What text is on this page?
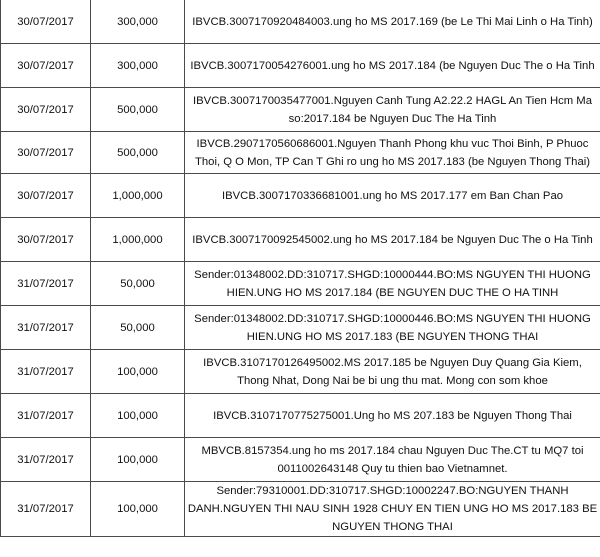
30/07/2017	300,000	IBVCB.3007170920484003.ung ho MS 2017.169 (be Le Thi Mai Linh o Ha Tinh)
30/07/2017	300,000	IBVCB.3007170054276001.ung ho MS 2017.184 (be Nguyen Duc The o Ha Tinh
30/07/2017	500,000	IBVCB.3007170035477001.Nguyen Canh Tung A2.22.2 HAGL An Tien Hcm Ma so:2017.184 be Nguyen Duc The Ha Tinh
30/07/2017	500,000	IBVCB.2907170560686001.Nguyen Thanh Phong khu vuc Thoi Binh, P Phuoc Thoi, Q O Mon, TP Can T Ghi ro ung ho MS 2017.183 (be Nguyen Thong Thai)
30/07/2017	1,000,000	IBVCB.3007170336681001.ung ho MS 2017.177 em Ban Chan Pao
30/07/2017	1,000,000	IBVCB.3007170092545002.ung ho MS 2017.184 be Nguyen Duc The o Ha Tinh
31/07/2017	50,000	Sender:01348002.DD:310717.SHGD:10000444.BO:MS NGUYEN THI HUONG HIEN.UNG HO MS 2017.184 (BE NGUYEN DUC THE O HA TINH
31/07/2017	50,000	Sender:01348002.DD:310717.SHGD:10000446.BO:MS NGUYEN THI HUONG HIEN.UNG HO MS 2017.183 (BE NGUYEN THONG THAI
31/07/2017	100,000	IBVCB.3107170126495002.MS 2017.185 be Nguyen Duy Quang Gia Kiem, Thong Nhat, Dong Nai be bi ung thu mat. Mong con som khoe
31/07/2017	100,000	IBVCB.3107170775275001.Ung ho MS 207.183 be Nguyen Thong Thai
31/07/2017	100,000	MBVCB.8157354.ung ho ms 2017.184 chau Nguyen Duc The.CT tu MQ7 toi 0011002643148 Quy tu thien bao Vietnamnet.
31/07/2017	100,000	Sender:79310001.DD:310717.SHGD:10002247.BO:NGUYEN THANH DANH.NGUYEN THI NAU SINH 1928 CHUY EN TIEN UNG HO MS 2017.183 BE NGUYEN THONG THAI
